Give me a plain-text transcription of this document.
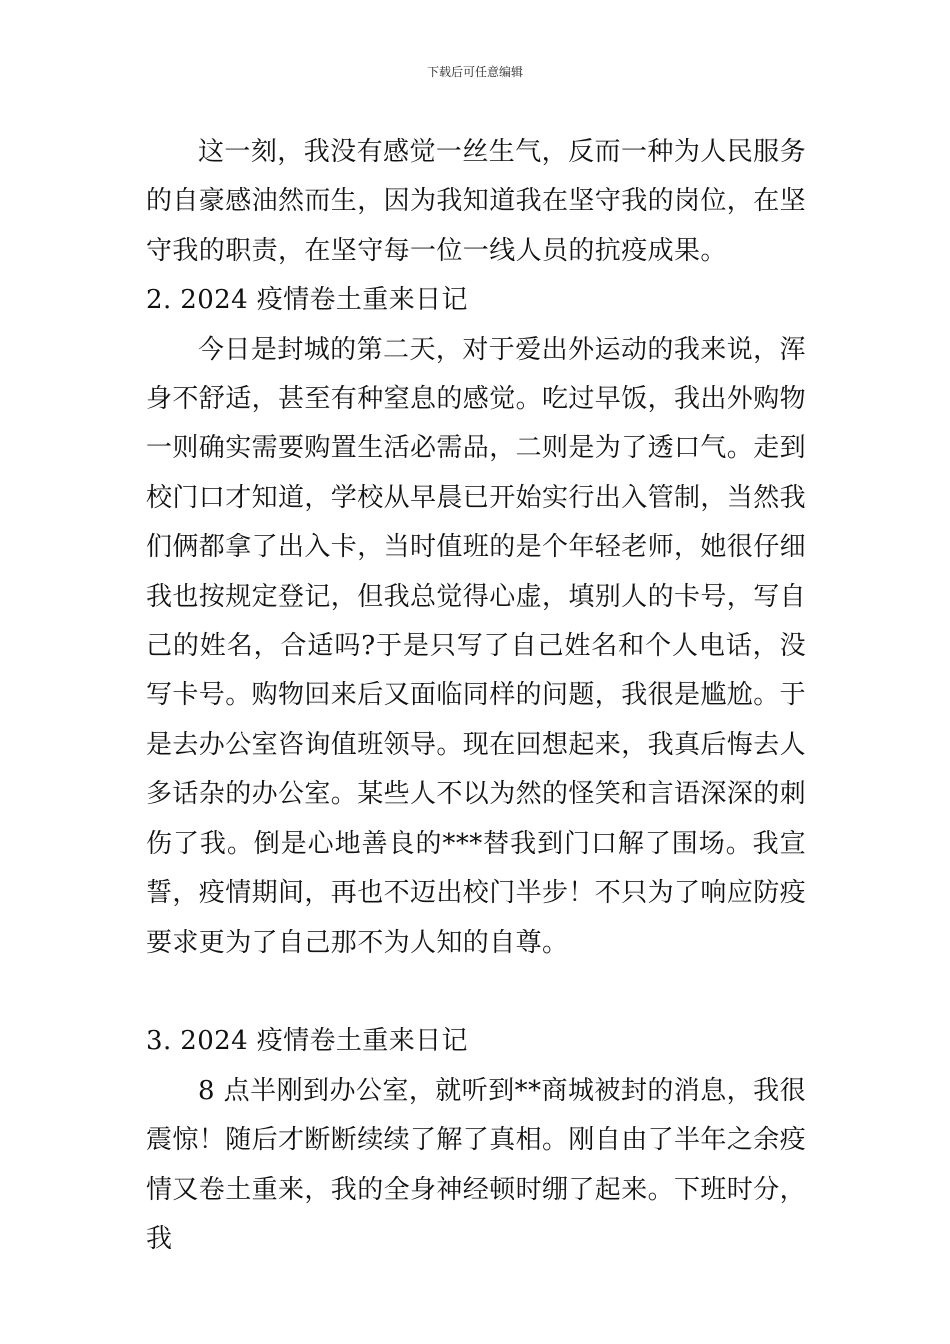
下载后可任意编辑

这一刻，我没有感觉一丝生气，反而一种为人民服务的自豪感油然而生，因为我知道我在坚守我的岗位，在坚守我的职责，在坚守每一位一线人员的抗疫成果。

2. 2024 疫情卷土重来日记

今日是封城的第二天，对于爱出外运动的我来说，浑身不舒适，甚至有种窒息的感觉。吃过早饭，我出外购物一则确实需要购置生活必需品，二则是为了透口气。走到校门口才知道，学校从早晨已开始实行出入管制，当然我们俩都拿了出入卡，当时值班的是个年轻老师，她很仔细我也按规定登记，但我总觉得心虚，填别人的卡号，写自己的姓名，合适吗?于是只写了自己姓名和个人电话，没写卡号。购物回来后又面临同样的问题，我很是尴尬。于是去办公室咨询值班领导。现在回想起来，我真后悔去人多话杂的办公室。某些人不以为然的怪笑和言语深深的刺伤了我。倒是心地善良的***替我到门口解了围场。我宣誓，疫情期间，再也不迈出校门半步！不只为了响应防疫要求更为了自己那不为人知的自尊。

3. 2024 疫情卷土重来日记

8 点半刚到办公室，就听到**商城被封的消息，我很震惊！随后才断断续续了解了真相。刚自由了半年之余疫情又卷土重来，我的全身神经顿时绷了起来。下班时分，我
